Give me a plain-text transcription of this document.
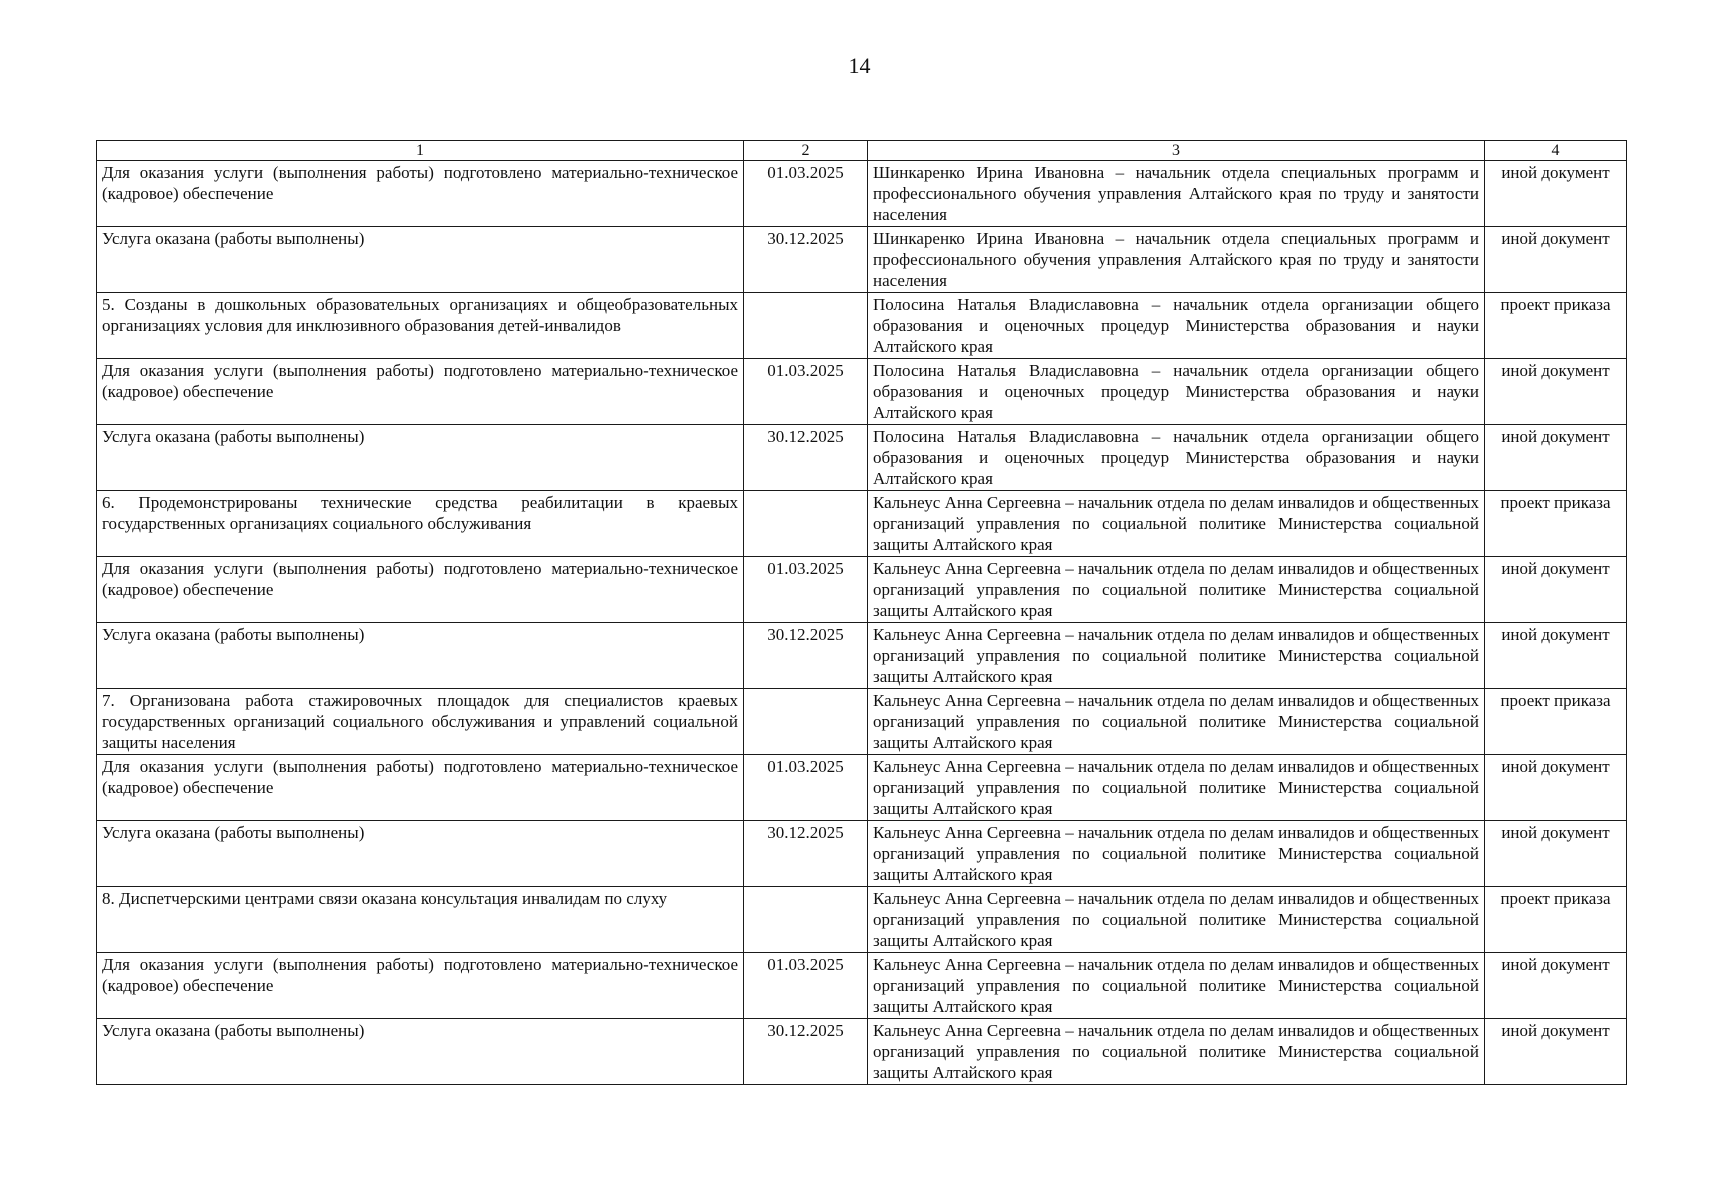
14
1	2	3	4
Для оказания услуги (выполнения работы) подготовлено материально-техническое (кадровое) обеспечение	01.03.2025	Шинкаренко Ирина Ивановна – начальник отдела специальных программ и профессионального обучения управления Алтайского края по труду и занятости населения	иной документ
Услуга оказана (работы выполнены)	30.12.2025	Шинкаренко Ирина Ивановна – начальник отдела специальных программ и профессионального обучения управления Алтайского края по труду и занятости населения	иной документ
5. Созданы в дошкольных образовательных организациях и общеобразовательных организациях условия для инклюзивного образования детей-инвалидов		Полосина Наталья Владиславовна – начальник отдела организации общего образования и оценочных процедур Министерства образования и науки Алтайского края	проект приказа
Для оказания услуги (выполнения работы) подготовлено материально-техническое (кадровое) обеспечение	01.03.2025	Полосина Наталья Владиславовна – начальник отдела организации общего образования и оценочных процедур Министерства образования и науки Алтайского края	иной документ
Услуга оказана (работы выполнены)	30.12.2025	Полосина Наталья Владиславовна – начальник отдела организации общего образования и оценочных процедур Министерства образования и науки Алтайского края	иной документ
6. Продемонстрированы технические средства реабилитации в краевых государственных организациях социального обслуживания		Кальнеус Анна Сергеевна – начальник отдела по делам инвалидов и общественных организаций управления по социальной политике Министерства социальной защиты Алтайского края	проект приказа
Для оказания услуги (выполнения работы) подготовлено материально-техническое (кадровое) обеспечение	01.03.2025	Кальнеус Анна Сергеевна – начальник отдела по делам инвалидов и общественных организаций управления по социальной политике Министерства социальной защиты Алтайского края	иной документ
Услуга оказана (работы выполнены)	30.12.2025	Кальнеус Анна Сергеевна – начальник отдела по делам инвалидов и общественных организаций управления по социальной политике Министерства социальной защиты Алтайского края	иной документ
7. Организована работа стажировочных площадок для специалистов краевых государственных организаций социального обслуживания и управлений социальной защиты населения		Кальнеус Анна Сергеевна – начальник отдела по делам инвалидов и общественных организаций управления по социальной политике Министерства социальной защиты Алтайского края	проект приказа
Для оказания услуги (выполнения работы) подготовлено материально-техническое (кадровое) обеспечение	01.03.2025	Кальнеус Анна Сергеевна – начальник отдела по делам инвалидов и общественных организаций управления по социальной политике Министерства социальной защиты Алтайского края	иной документ
Услуга оказана (работы выполнены)	30.12.2025	Кальнеус Анна Сергеевна – начальник отдела по делам инвалидов и общественных организаций управления по социальной политике Министерства социальной защиты Алтайского края	иной документ
8. Диспетчерскими центрами связи оказана консультация инвалидам по слуху		Кальнеус Анна Сергеевна – начальник отдела по делам инвалидов и общественных организаций управления по социальной политике Министерства социальной защиты Алтайского края	проект приказа
Для оказания услуги (выполнения работы) подготовлено материально-техническое (кадровое) обеспечение	01.03.2025	Кальнеус Анна Сергеевна – начальник отдела по делам инвалидов и общественных организаций управления по социальной политике Министерства социальной защиты Алтайского края	иной документ
Услуга оказана (работы выполнены)	30.12.2025	Кальнеус Анна Сергеевна – начальник отдела по делам инвалидов и общественных организаций управления по социальной политике Министерства социальной защиты Алтайского края	иной документ
